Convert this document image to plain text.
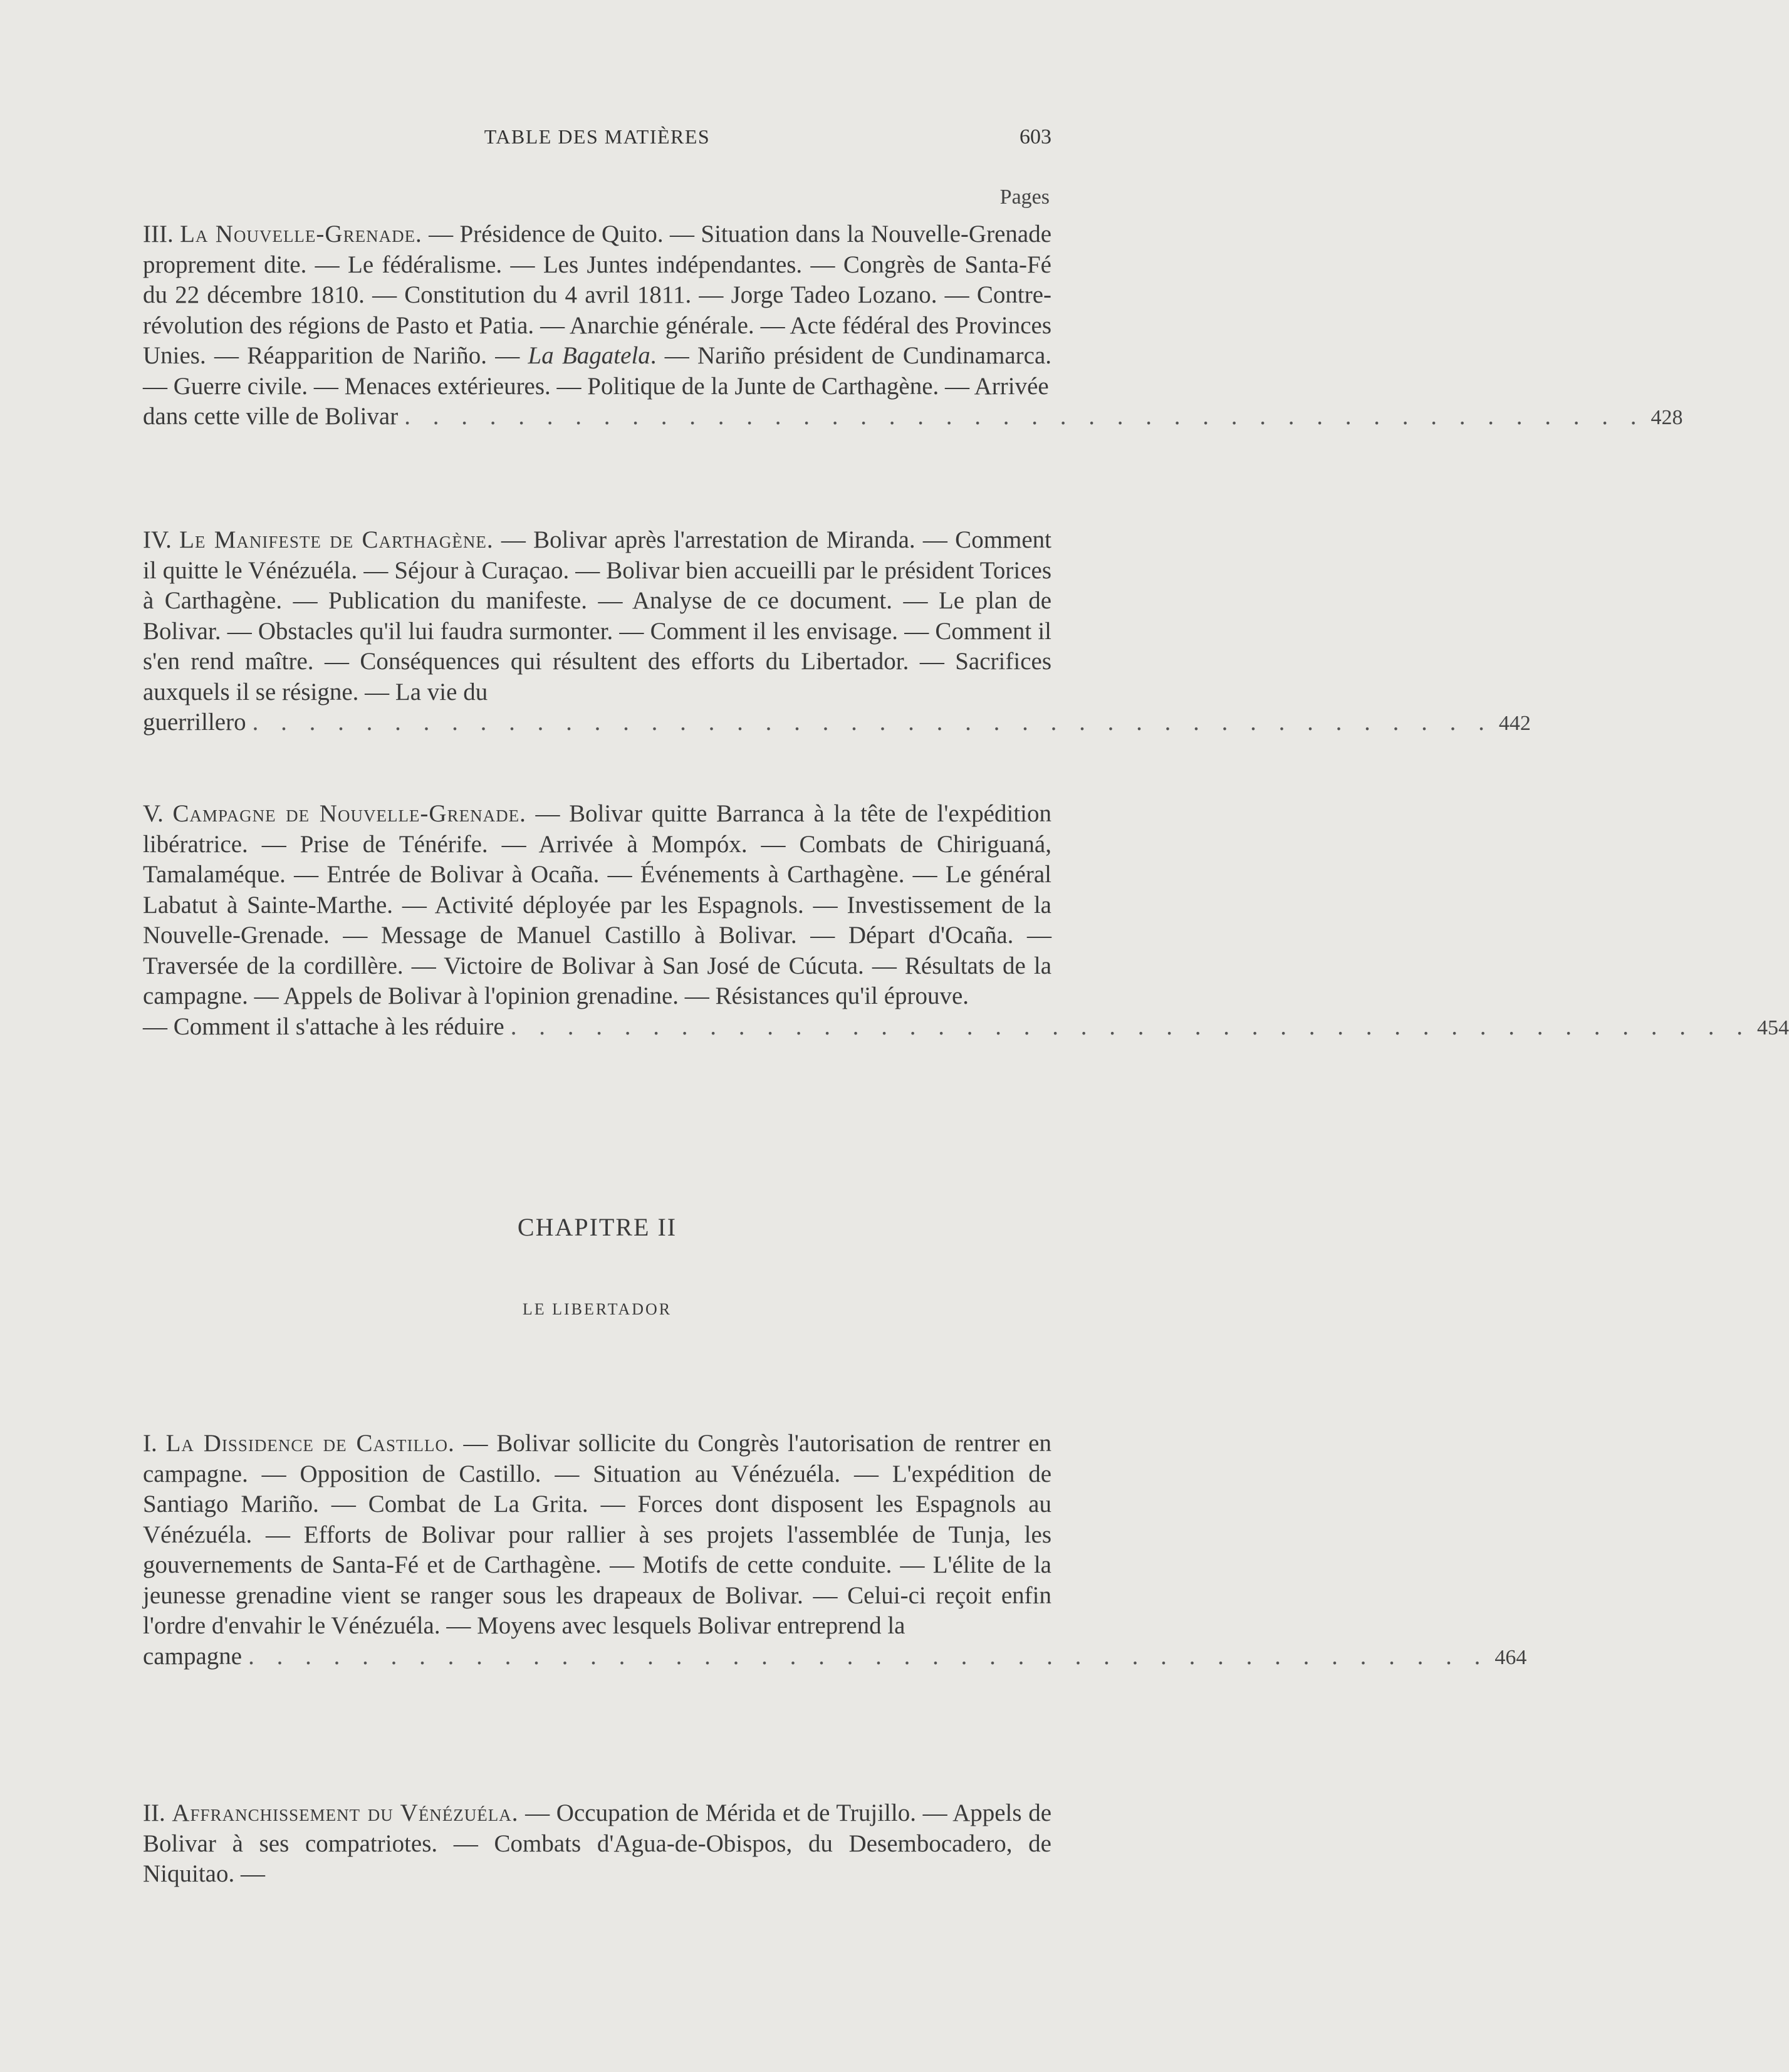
TABLE DES MATIÈRES	603
Pages

III. La Nouvelle-Grenade. — Présidence de Quito. — Situation dans la Nouvelle-Grenade proprement dite. — Le fédéralisme. — Les Juntes indépendantes. — Congrès de Santa-Fé du 22 décembre 1810. — Constitution du 4 avril 1811. — Jorge Tadeo Lozano. — Contre-révolution des régions de Pasto et Patia. — Anarchie générale. — Acte fédéral des Provinces Unies. — Réapparition de Nariño. — La Bagatela. — Nariño président de Cundinamarca. — Guerre civile. — Menaces extérieures. — Politique de la Junte de Carthagène. — Arrivée

dans cette ville de Bolivar . . . . . . . . . . . . . . . . . . . . . . . . . . . . . . . . . . . . . . . . . . . . 428

IV. Le Manifeste de Carthagène. — Bolivar après l'arrestation de Miranda. — Comment il quitte le Vénézuéla. — Séjour à Curaçao. — Bolivar bien accueilli par le président Torices à Carthagène. — Publication du manifeste. — Analyse de ce document. — Le plan de Bolivar. — Obstacles qu'il lui faudra surmonter. — Comment il les envisage. — Comment il s'en rend maître. — Conséquences qui résultent des efforts du Libertador. — Sacrifices auxquels il se résigne. — La vie du

guerrillero . . . . . . . . . . . . . . . . . . . . . . . . . . . . . . . . . . . . . . . . . . . . 442

V. Campagne de Nouvelle-Grenade. — Bolivar quitte Barranca à la tête de l'expédition libératrice. — Prise de Ténérife. — Arrivée à Mompóx. — Combats de Chiriguaná, Tamalaméque. — Entrée de Bolivar à Ocaña. — Événements à Carthagène. — Le général Labatut à Sainte-Marthe. — Activité déployée par les Espagnols. — Investissement de la Nouvelle-Grenade. — Message de Manuel Castillo à Bolivar. — Départ d'Ocaña. — Traversée de la cordillère. — Victoire de Bolivar à San José de Cúcuta. — Résultats de la campagne. — Appels de Bolivar à l'opinion grenadine. — Résistances qu'il éprouve.

— Comment il s'attache à les réduire . . . . . . . . . . . . . . . . . . . . . . . . . . . . . . . . . . . . . . . . . . . . 454
CHAPITRE II
LE LIBERTADOR

I. La Dissidence de Castillo. — Bolivar sollicite du Congrès l'autorisation de rentrer en campagne. — Opposition de Castillo. — Situation au Vénézuéla. — L'expédition de Santiago Mariño. — Combat de La Grita. — Forces dont disposent les Espagnols au Vénézuéla. — Efforts de Bolivar pour rallier à ses projets l'assemblée de Tunja, les gouvernements de Santa-Fé et de Carthagène. — Motifs de cette conduite. — L'élite de la jeunesse grenadine vient se ranger sous les drapeaux de Bolivar. — Celui-ci reçoit enfin l'ordre d'envahir le Vénézuéla. — Moyens avec lesquels Bolivar entreprend la

campagne . . . . . . . . . . . . . . . . . . . . . . . . . . . . . . . . . . . . . . . . . . . . 464

II. Affranchissement du Vénézuéla. — Occupation de Mérida et de Trujillo. — Appels de Bolivar à ses compatriotes. — Combats d'Agua-de-Obispos, du Desembocadero, de Niquitao. —
